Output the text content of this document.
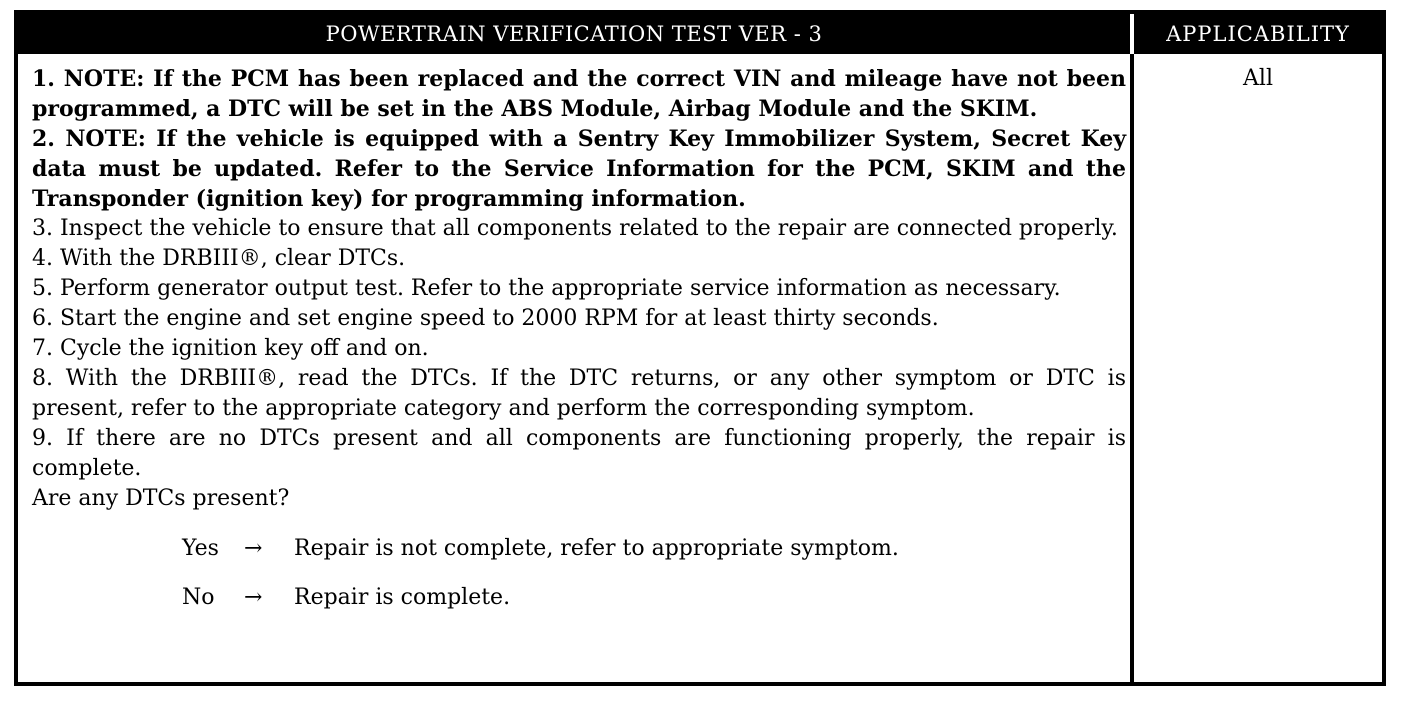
POWERTRAIN VERIFICATION TEST VER - 3	APPLICABILITY

1. NOTE: If the PCM has been replaced and the correct VIN and mileage have not been programmed, a DTC will be set in the ABS Module, Airbag Module and the SKIM.

2. NOTE: If the vehicle is equipped with a Sentry Key Immobilizer System, Secret Key data must be updated. Refer to the Service Information for the PCM, SKIM and the Transponder (ignition key) for programming information.

3. Inspect the vehicle to ensure that all components related to the repair are connected properly.

4. With the DRBIII®, clear DTCs.

5. Perform generator output test. Refer to the appropriate service information as necessary.

6. Start the engine and set engine speed to 2000 RPM for at least thirty seconds.

7. Cycle the ignition key off and on.

8. With the DRBIII®, read the DTCs. If the DTC returns, or any other symptom or DTC is present, refer to the appropriate category and perform the corresponding symptom.

9. If there are no DTCs present and all components are functioning properly, the repair is complete.

Are any DTCs present?

Yes → Repair is not complete, refer to appropriate symptom.
No → Repair is complete.
All
